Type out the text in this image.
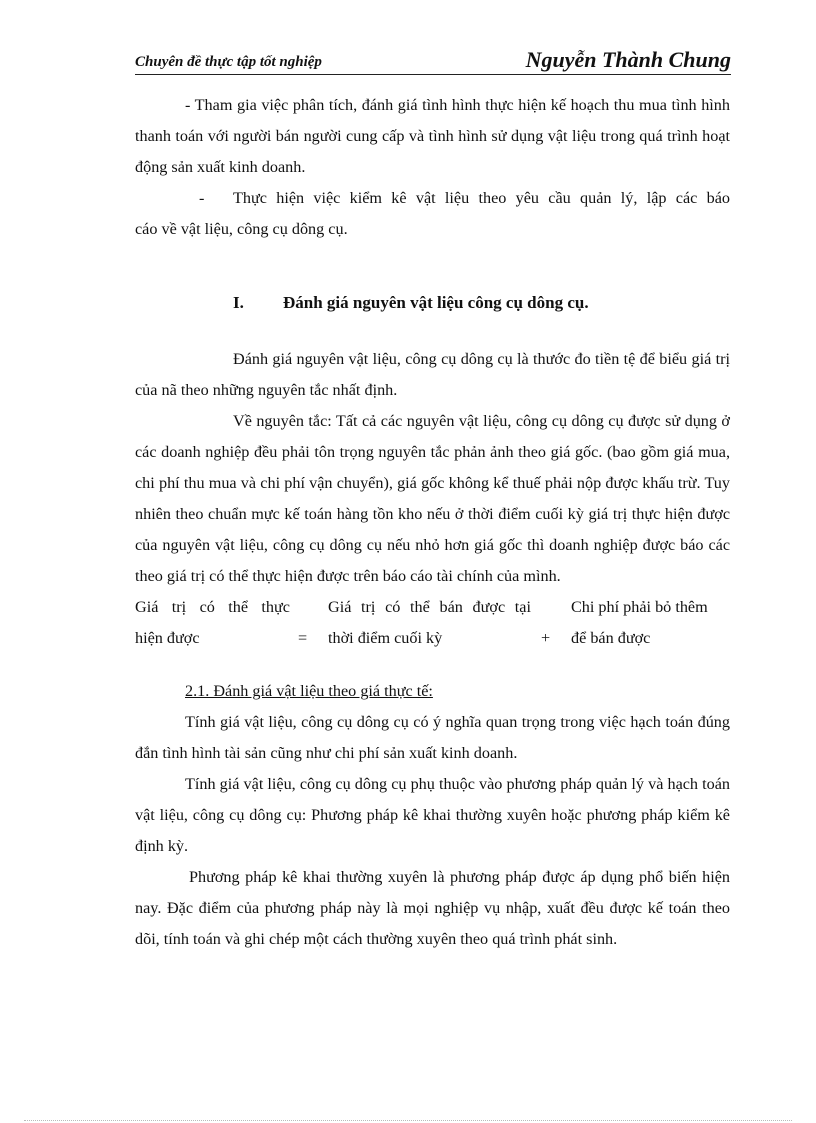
Chuyên đề thực tập tốt nghiệp	Nguyễn Thành Chung

- Tham gia việc phân tích, đánh giá tình hình thực hiện kế hoạch thu mua tình hình thanh toán với người bán người cung cấp và tình hình sử dụng vật liệu trong quá trình hoạt động sản xuất kinh doanh.

-	Thực hiện việc kiểm kê vật liệu theo yêu cầu quản lý, lập các báo

cáo về vật liệu, công cụ dông cụ.

I.	Đánh giá nguyên vật liệu công cụ dông cụ.

Đánh giá nguyên vật liệu, công cụ dông cụ là thước đo tiền tệ để biểu giá trị của nã theo những nguyên tắc nhất định.

Về nguyên tắc: Tất cả các nguyên vật liệu, công cụ dông cụ được sử dụng ở các doanh nghiệp đều phải tôn trọng nguyên tắc phản ảnh theo giá gốc. (bao gồm giá mua, chi phí thu mua và chi phí vận chuyển), giá gốc không kể thuế phải nộp được khấu trừ. Tuy nhiên theo chuẩn mực kế toán hàng tồn kho nếu ở thời điểm cuối kỳ giá trị thực hiện được của nguyên vật liệu, công cụ dông cụ nếu nhỏ hơn giá gốc thì doanh nghiệp được báo các theo giá trị có thể thực hiện được trên báo cáo tài chính của mình.

Giá trị có thể thực
hiện được	=
Giá trị có thể bán được tại
thời điểm cuối kỳ	+
Chi phí phải bỏ thêm
để bán được
2.1. Đánh giá vật liệu theo giá thực tế:

Tính giá vật liệu, công cụ dông cụ có ý nghĩa quan trọng trong việc hạch toán đúng đắn tình hình tài sản cũng như chi phí sản xuất kinh doanh.

Tính giá vật liệu, công cụ dông cụ phụ thuộc vào phương pháp quản lý và hạch toán vật liệu, công cụ dông cụ: Phương pháp kê khai thường xuyên hoặc phương pháp kiểm kê định kỳ.

Phương pháp kê khai thường xuyên là phương pháp được áp dụng phổ biến hiện nay. Đặc điểm của phương pháp này là mọi nghiệp vụ nhập, xuất đều được kế toán theo dõi, tính toán và ghi chép một cách thường xuyên theo quá trình phát sinh.
